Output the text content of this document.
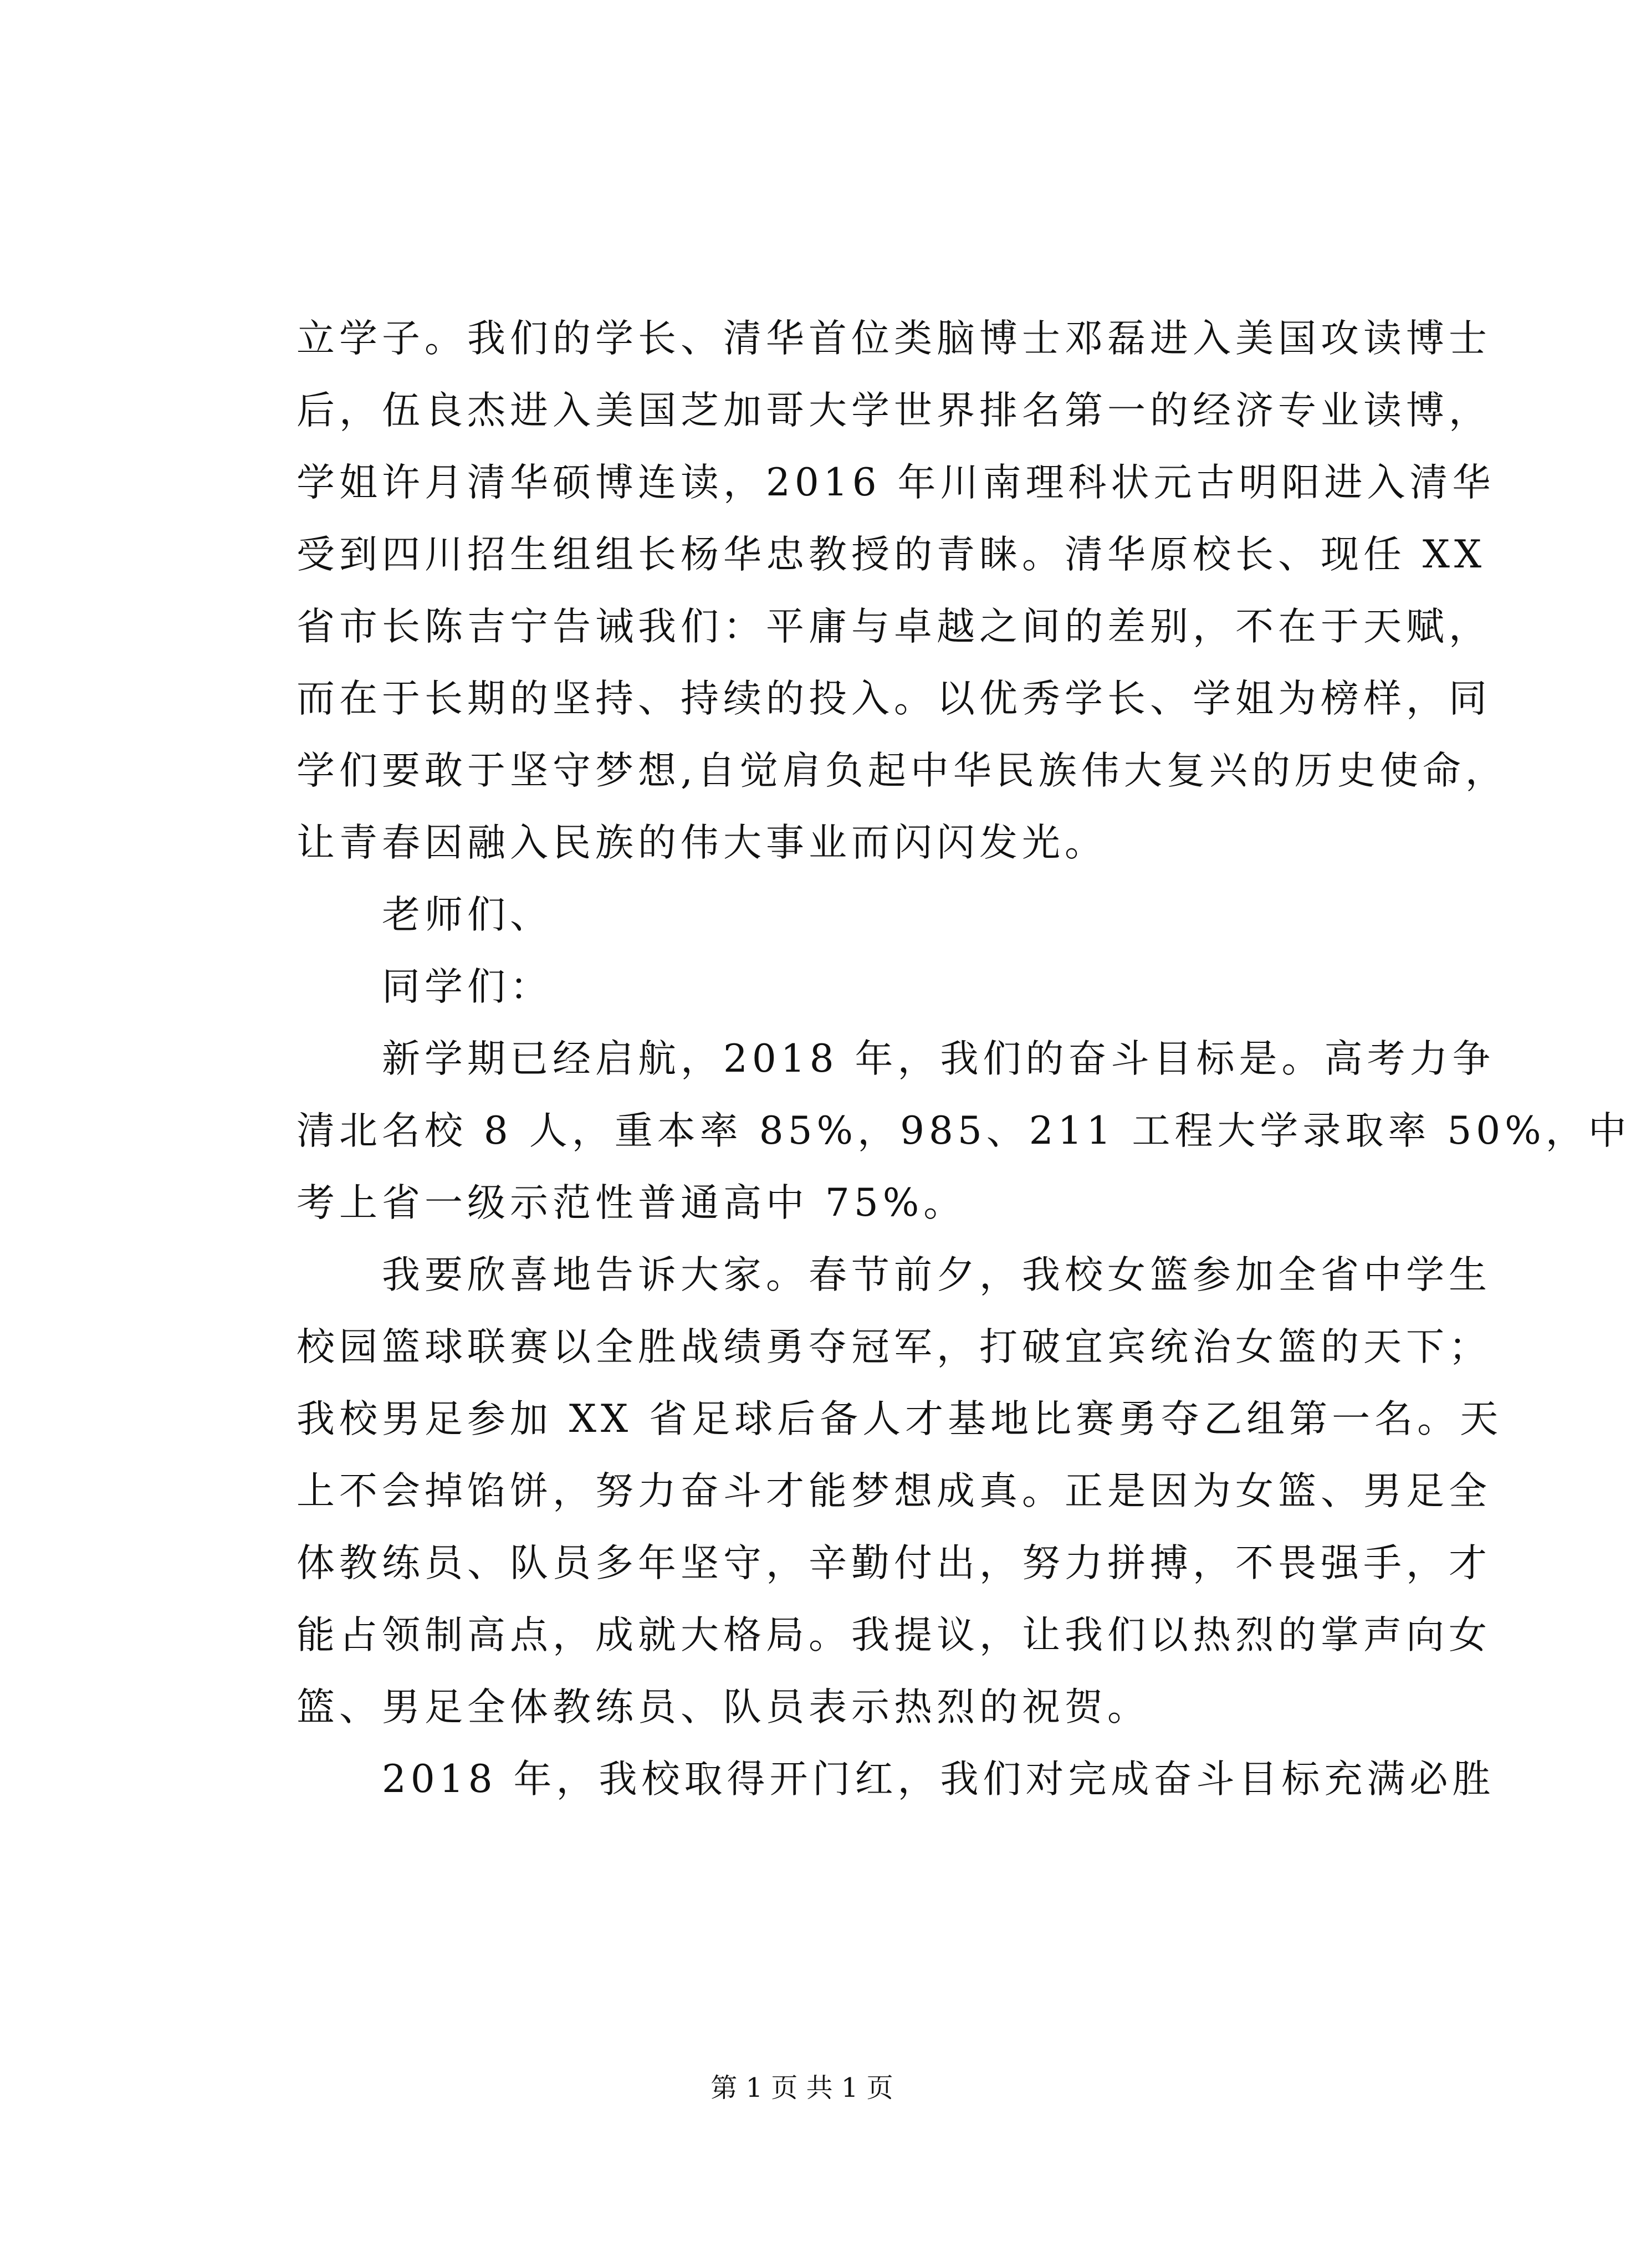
立学子。我们的学长、清华首位类脑博士邓磊进入美国攻读博士
后，伍良杰进入美国芝加哥大学世界排名第一的经济专业读博，
学姐许月清华硕博连读，2016 年川南理科状元古明阳进入清华
受到四川招生组组长杨华忠教授的青睐。清华原校长、现任 XX
省市长陈吉宁告诫我们：平庸与卓越之间的差别，不在于天赋，
而在于长期的坚持、持续的投入。以优秀学长、学姐为榜样，同
学们要敢于坚守梦想,自觉肩负起中华民族伟大复兴的历史使命，
让青春因融入民族的伟大事业而闪闪发光。
老师们、
同学们：
新学期已经启航，2018 年，我们的奋斗目标是。高考力争
清北名校 8 人，重本率 85%，985、211 工程大学录取率 50%，中
考上省一级示范性普通高中 75%。
我要欣喜地告诉大家。春节前夕，我校女篮参加全省中学生
校园篮球联赛以全胜战绩勇夺冠军，打破宜宾统治女篮的天下；
我校男足参加 XX 省足球后备人才基地比赛勇夺乙组第一名。天
上不会掉馅饼，努力奋斗才能梦想成真。正是因为女篮、男足全
体教练员、队员多年坚守，辛勤付出，努力拼搏，不畏强手，才
能占领制高点，成就大格局。我提议，让我们以热烈的掌声向女
篮、男足全体教练员、队员表示热烈的祝贺。
2018 年，我校取得开门红，我们对完成奋斗目标充满必胜
第 1 页 共 1 页
